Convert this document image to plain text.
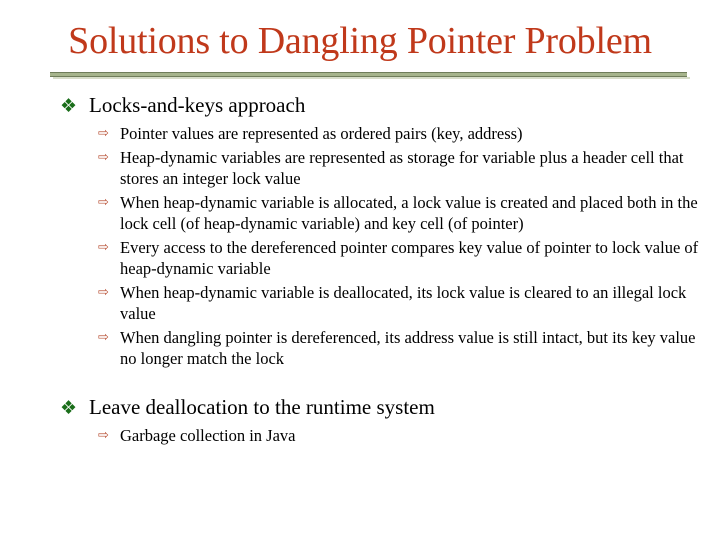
Solutions to Dangling Pointer Problem
❖ Locks-and-keys approach
⇨ Pointer values are represented as ordered pairs (key, address)
⇨ Heap-dynamic variables are represented as storage for variable plus a header cell that stores an integer lock value
⇨ When heap-dynamic variable is allocated, a lock value is created and placed both in the lock cell (of heap-dynamic variable) and key cell (of pointer)
⇨ Every access to the dereferenced pointer compares key value of pointer to lock value of heap-dynamic variable
⇨ When heap-dynamic variable is deallocated, its lock value is cleared to an illegal lock value
⇨ When dangling pointer is dereferenced, its address value is still intact, but its key value no longer match the lock
❖ Leave deallocation to the runtime system
⇨ Garbage collection in Java
